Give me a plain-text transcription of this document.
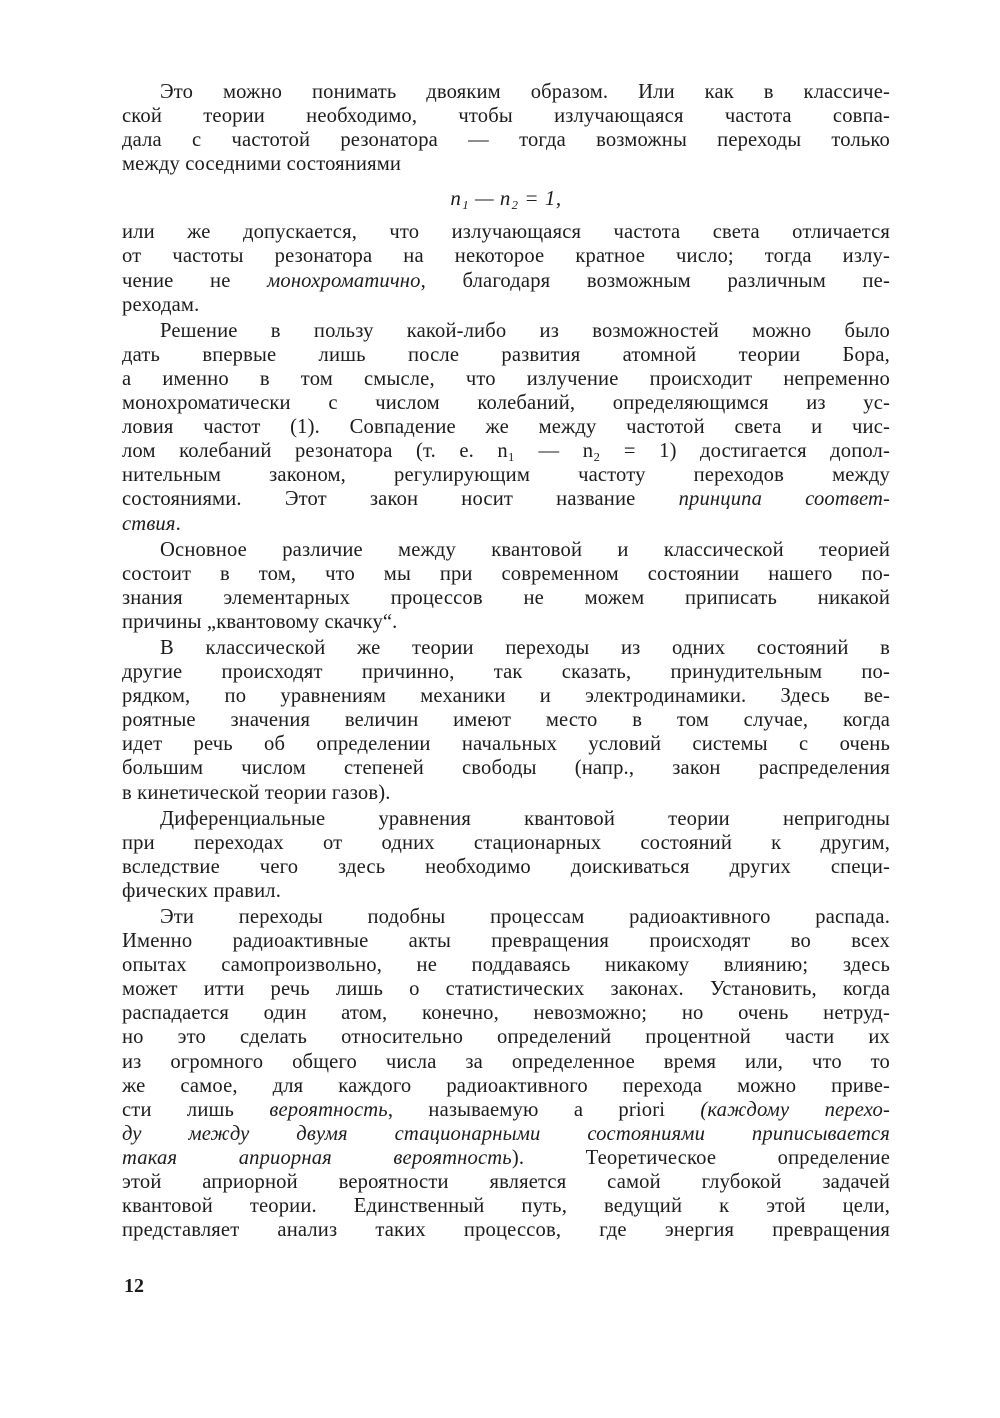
Это можно понимать двояким образом. Или как в классиче-
ской теории необходимо, чтобы излучающаяся частота совпа-
дала с частотой резонатора — тогда возможны переходы только
между соседними состояниями
n₁ — n₂ = 1,
или же допускается, что излучающаяся частота света отличается
от частоты резонатора на некоторое кратное число; тогда излу-
чение не монохроматично, благодаря возможным различным пе-
реходам.
Решение в пользу какой-либо из возможностей можно было
дать впервые лишь после развития атомной теории Бора,
а именно в том смысле, что излучение происходит непременно
монохроматически с числом колебаний, определяющимся из ус-
ловия частот (1). Совпадение же между частотой света и чис-
лом колебаний резонатора (т. е. n₁ — n₂ = 1) достигается допол-
нительным законом, регулирующим частоту переходов между
состояниями. Этот закон носит название принципа соответ-
ствия.
Основное различие между квантовой и классической теорией
состоит в том, что мы при современном состоянии нашего по-
знания элементарных процессов не можем приписать никакой
причины „квантовому скачку“.
В классической же теории переходы из одних состояний в
другие происходят причинно, так сказать, принудительным по-
рядком, по уравнениям механики и электродинамики. Здесь ве-
роятные значения величин имеют место в том случае, когда
идет речь об определении начальных условий системы с очень
большим числом степеней свободы (напр., закон распределения
в кинетической теории газов).
Диференциальные уравнения квантовой теории непригодны
при переходах от одних стационарных состояний к другим,
вследствие чего здесь необходимо доискиваться других специ-
фических правил.
Эти переходы подобны процессам радиоактивного распада.
Именно радиоактивные акты превращения происходят во всех
опытах самопроизвольно, не поддаваясь никакому влиянию; здесь
может итти речь лишь о статистических законах. Установить, когда
распадается один атом, конечно, невозможно; но очень нетруд-
но это сделать относительно определений процентной части их
из огромного общего числа за определенное время или, что то
же самое, для каждого радиоактивного перехода можно приве-
сти лишь вероятность, называемую a priori (каждому перехо-
ду между двумя стационарными состояниями приписывается
такая априорная вероятность). Теоретическое определение
этой априорной вероятности является самой глубокой задачей
квантовой теории. Единственный путь, ведущий к этой цели,
представляет анализ таких процессов, где энергия превращения
12
